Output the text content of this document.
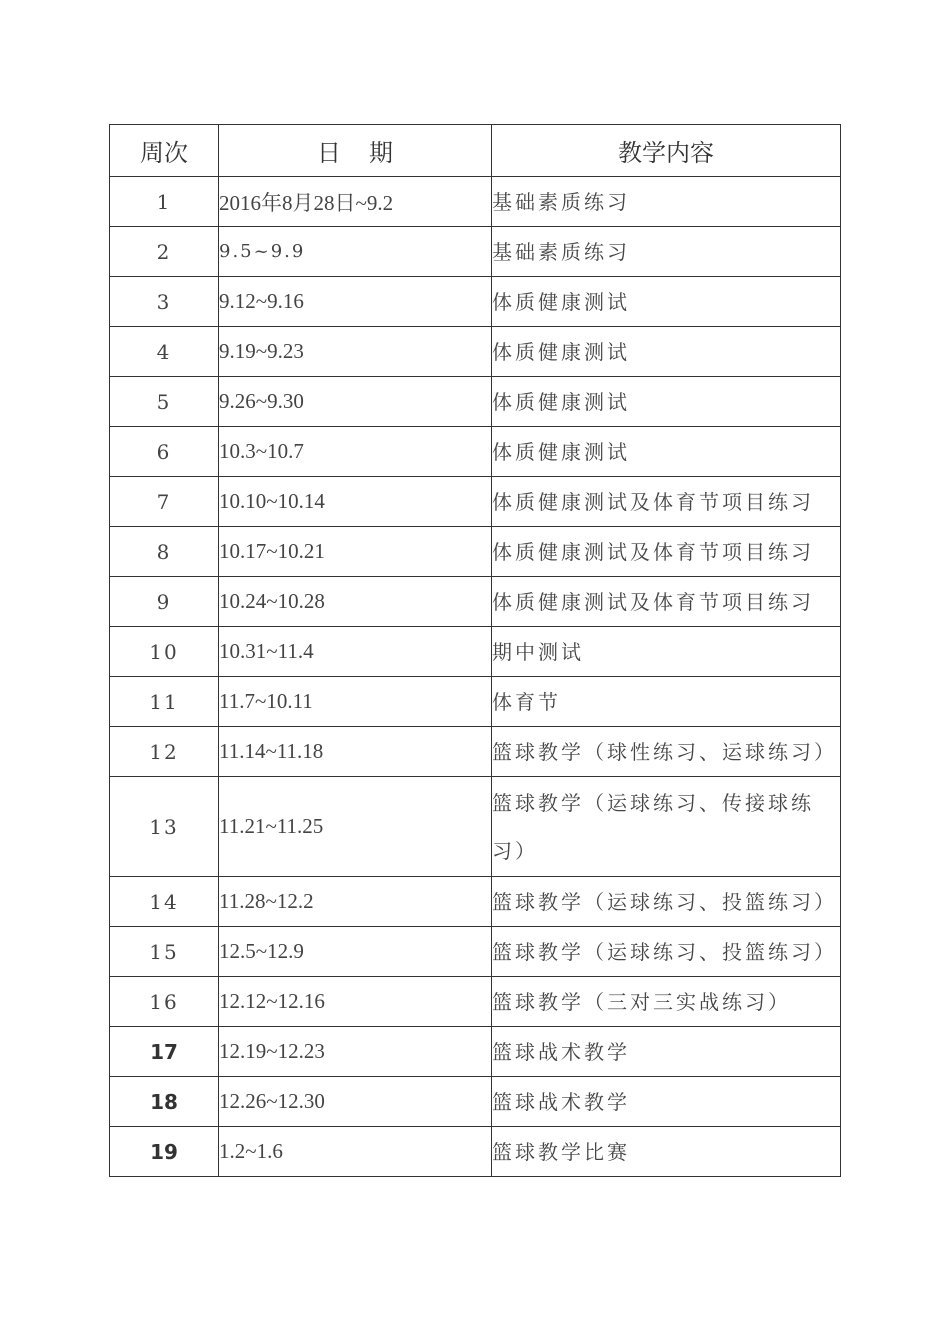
周次	日期	教学内容
1	2016年8月28日~9.2	基础素质练习
2	9.5~9.9	基础素质练习
3	9.12~9.16	体质健康测试
4	9.19~9.23	体质健康测试
5	9.26~9.30	体质健康测试
6	10.3~10.7	体质健康测试
7	10.10~10.14	体质健康测试及体育节项目练习
8	10.17~10.21	体质健康测试及体育节项目练习
9	10.24~10.28	体质健康测试及体育节项目练习
10	10.31~11.4	期中测试
11	11.7~10.11	体育节
12	11.14~11.18	篮球教学（球性练习、运球练习）
13	11.21~11.25	篮球教学（运球练习、传接球练习）
14	11.28~12.2	篮球教学（运球练习、投篮练习）
15	12.5~12.9	篮球教学（运球练习、投篮练习）
16	12.12~12.16	篮球教学（三对三实战练习）
17	12.19~12.23	篮球战术教学
18	12.26~12.30	篮球战术教学
19	1.2~1.6	篮球教学比赛
